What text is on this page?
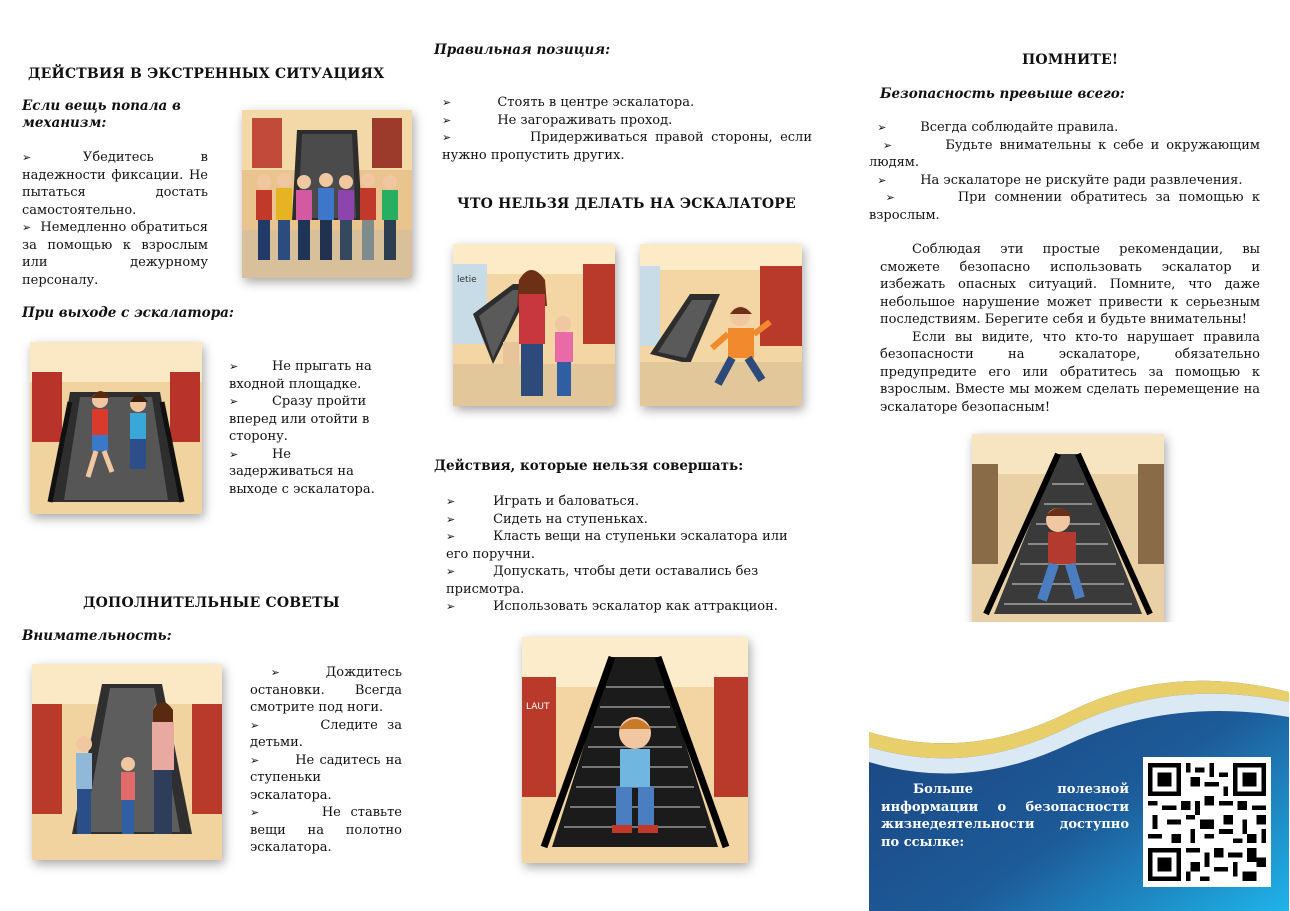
ДЕЙСТВИЯ В ЭКСТРЕННЫХ СИТУАЦИЯХ
Если вещь попала в механизм:
➢	Убедитесь в надежности фиксации. Не пытаться достать самостоятельно.
➢ Немедленно обратиться за помощью к взрослым или дежурному персоналу.
При выходе с эскалатора:
➢	Не прыгать на входной площадке.
➢	Сразу пройти вперед или отойти в сторону.
➢	Не задерживаться на выходе с эскалатора.
ДОПОЛНИТЕЛЬНЫЕ СОВЕТЫ
Внимательность:
➢	Дождитесь остановки. Всегда смотрите под ноги.
➢	Следите за детьми.
➢	Не садитесь на ступеньки эскалатора.
➢	Не ставьте вещи на полотно эскалатора.
Правильная позиция:
➢	Стоять в центре эскалатора.
➢	Не загораживать проход.
➢	Придерживаться правой стороны, если нужно пропустить других.
ЧТО НЕЛЬЗЯ ДЕЛАТЬ НА ЭСКАЛАТОРЕ
letie
Действия, которые нельзя совершать:
➢	Играть и баловаться.
➢	Сидеть на ступеньках.
➢	Класть вещи на ступеньки эскалатора или его поручни.
➢	Допускать, чтобы дети оставались без присмотра.
➢	Использовать эскалатор как аттракцион.
LAUT
ПОМНИТЕ!
Безопасность превыше всего:
➢	Всегда соблюдайте правила.
➢	Будьте внимательны к себе и окружающим людям.
➢	На эскалаторе не рискуйте ради развлечения.
➢	При сомнении обратитесь за помощью к взрослым.
Соблюдая эти простые рекомендации, вы сможете безопасно использовать эскалатор и избежать опасных ситуаций. Помните, что даже небольшое нарушение может привести к серьезным последствиям. Берегите себя и будьте внимательны!
Если вы видите, что кто-то нарушает правила безопасности на эскалаторе, обязательно предупредите его или обратитесь за помощью к взрослым. Вместе мы можем сделать перемещение на эскалаторе безопасным!
Больше полезной информации о безопасности жизнедеятельности доступно по ссылке:
